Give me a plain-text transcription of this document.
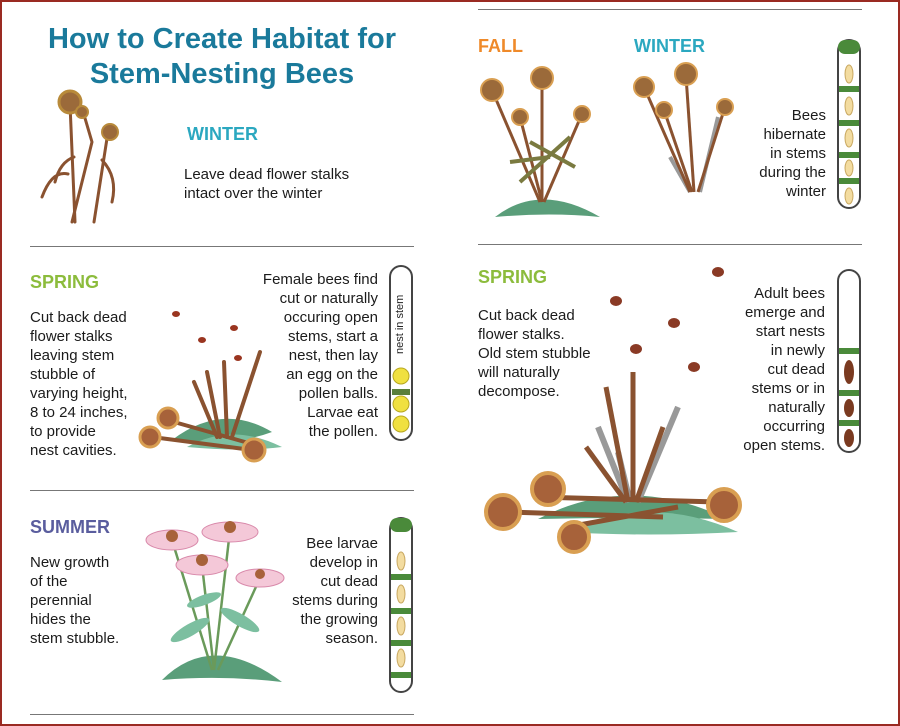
How to Create Habitat for
Stem-Nesting Bees
WINTER

Leave dead flower stalks
intact over the winter

SPRING

Cut back dead
flower stalks
leaving stem
stubble of
varying height,
8 to 24 inches,
to provide
nest cavities.

Female bees find
cut or naturally
occuring open
stems, start a
nest, then lay
an egg on the
pollen balls.
Larvae eat
the pollen.

nest in stem
SUMMER

New growth
of the
perennial
hides the
stem stubble.

Bee larvae
develop in
cut dead
stems during
the growing
season.

FALL	WINTER

Bees
hibernate
in stems
during the
winter

SPRING

Cut back dead
flower stalks.
Old stem stubble
will naturally
decompose.

Adult bees
emerge and
start nests
in newly
cut dead
stems or in
naturally
occurring
open stems.
